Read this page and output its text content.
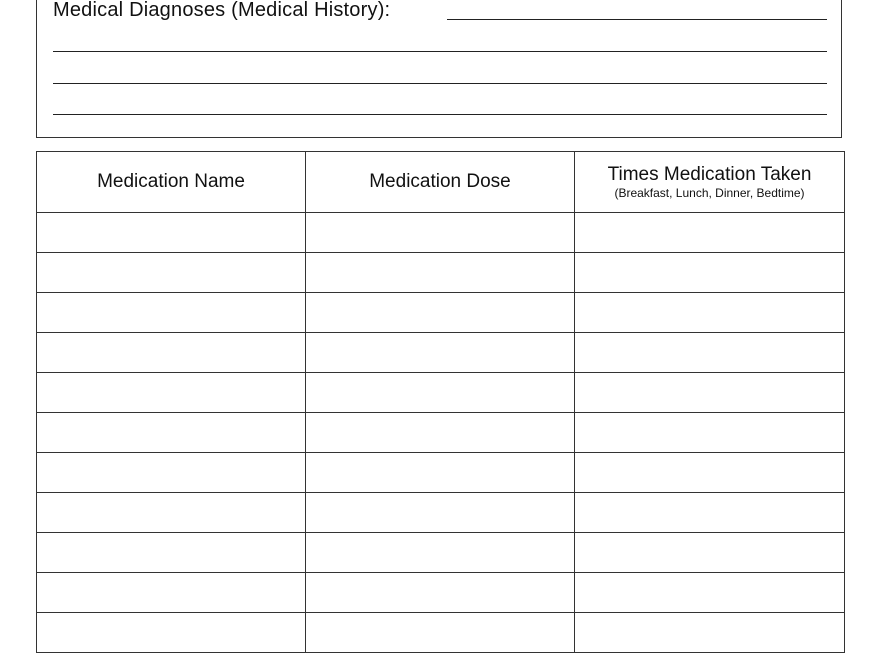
Medical Diagnoses (Medical History):
Medication Name	Medication Dose	Times Medication Taken
(Breakfast, Lunch, Dinner, Bedtime)
